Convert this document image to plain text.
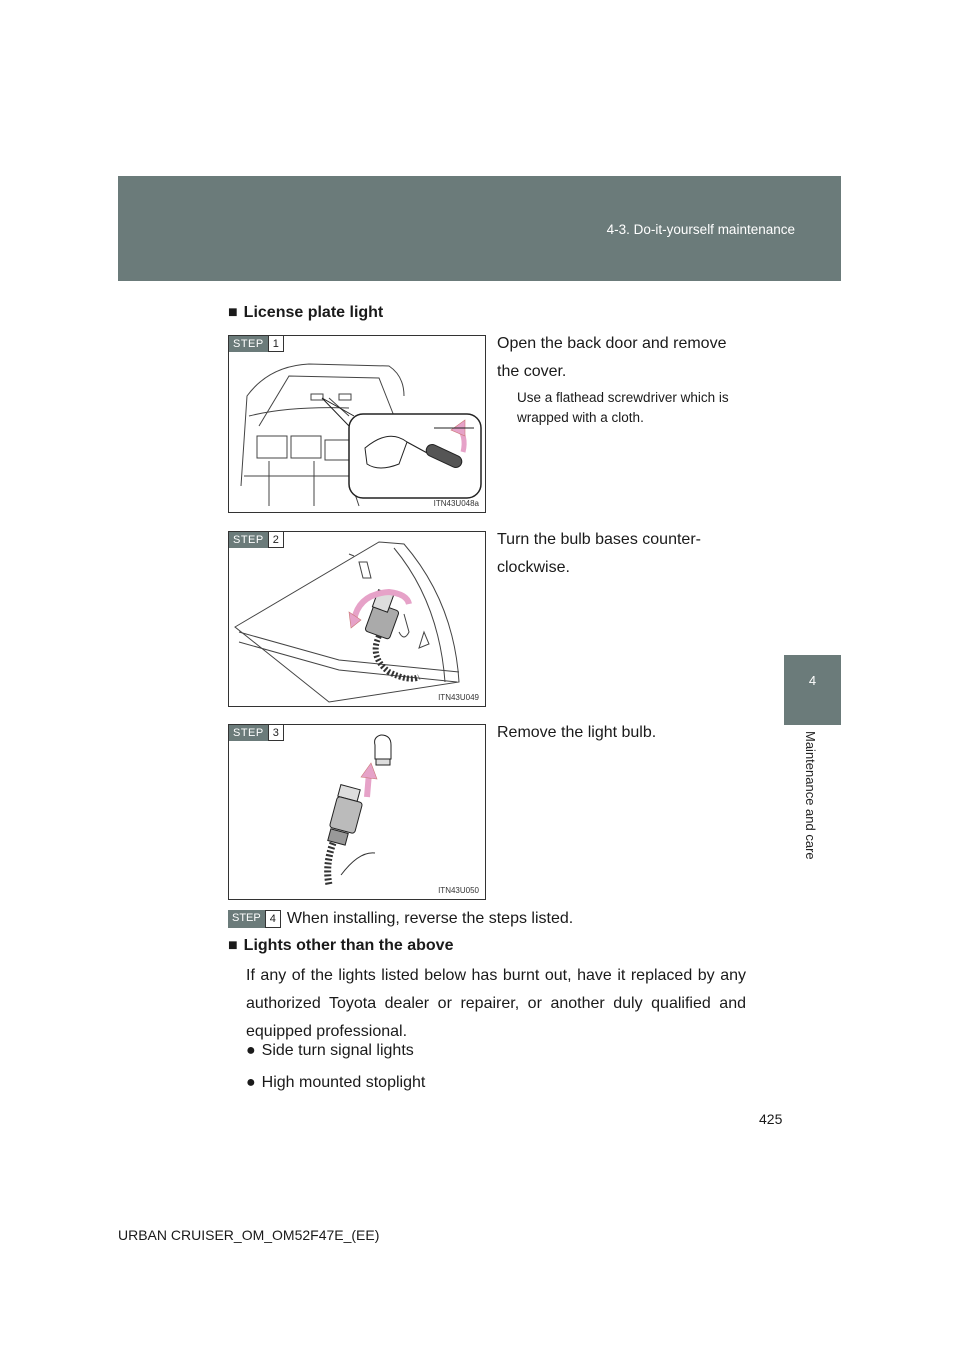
4-3. Do-it-yourself maintenance
4
Maintenance and care
■ License plate light
STEP 1
ITN43U048a
Open the back door and remove the cover.
Use a flathead screwdriver which is wrapped with a cloth.
STEP 2
ITN43U049
Turn the bulb bases counter-clockwise.
STEP 3
ITN43U050
Remove the light bulb.
STEP 4 When installing, reverse the steps listed.
■ Lights other than the above
If any of the lights listed below has burnt out, have it replaced by any authorized Toyota dealer or repairer, or another duly qualified and equipped professional.
● Side turn signal lights
● High mounted stoplight
425
URBAN CRUISER_OM_OM52F47E_(EE)
